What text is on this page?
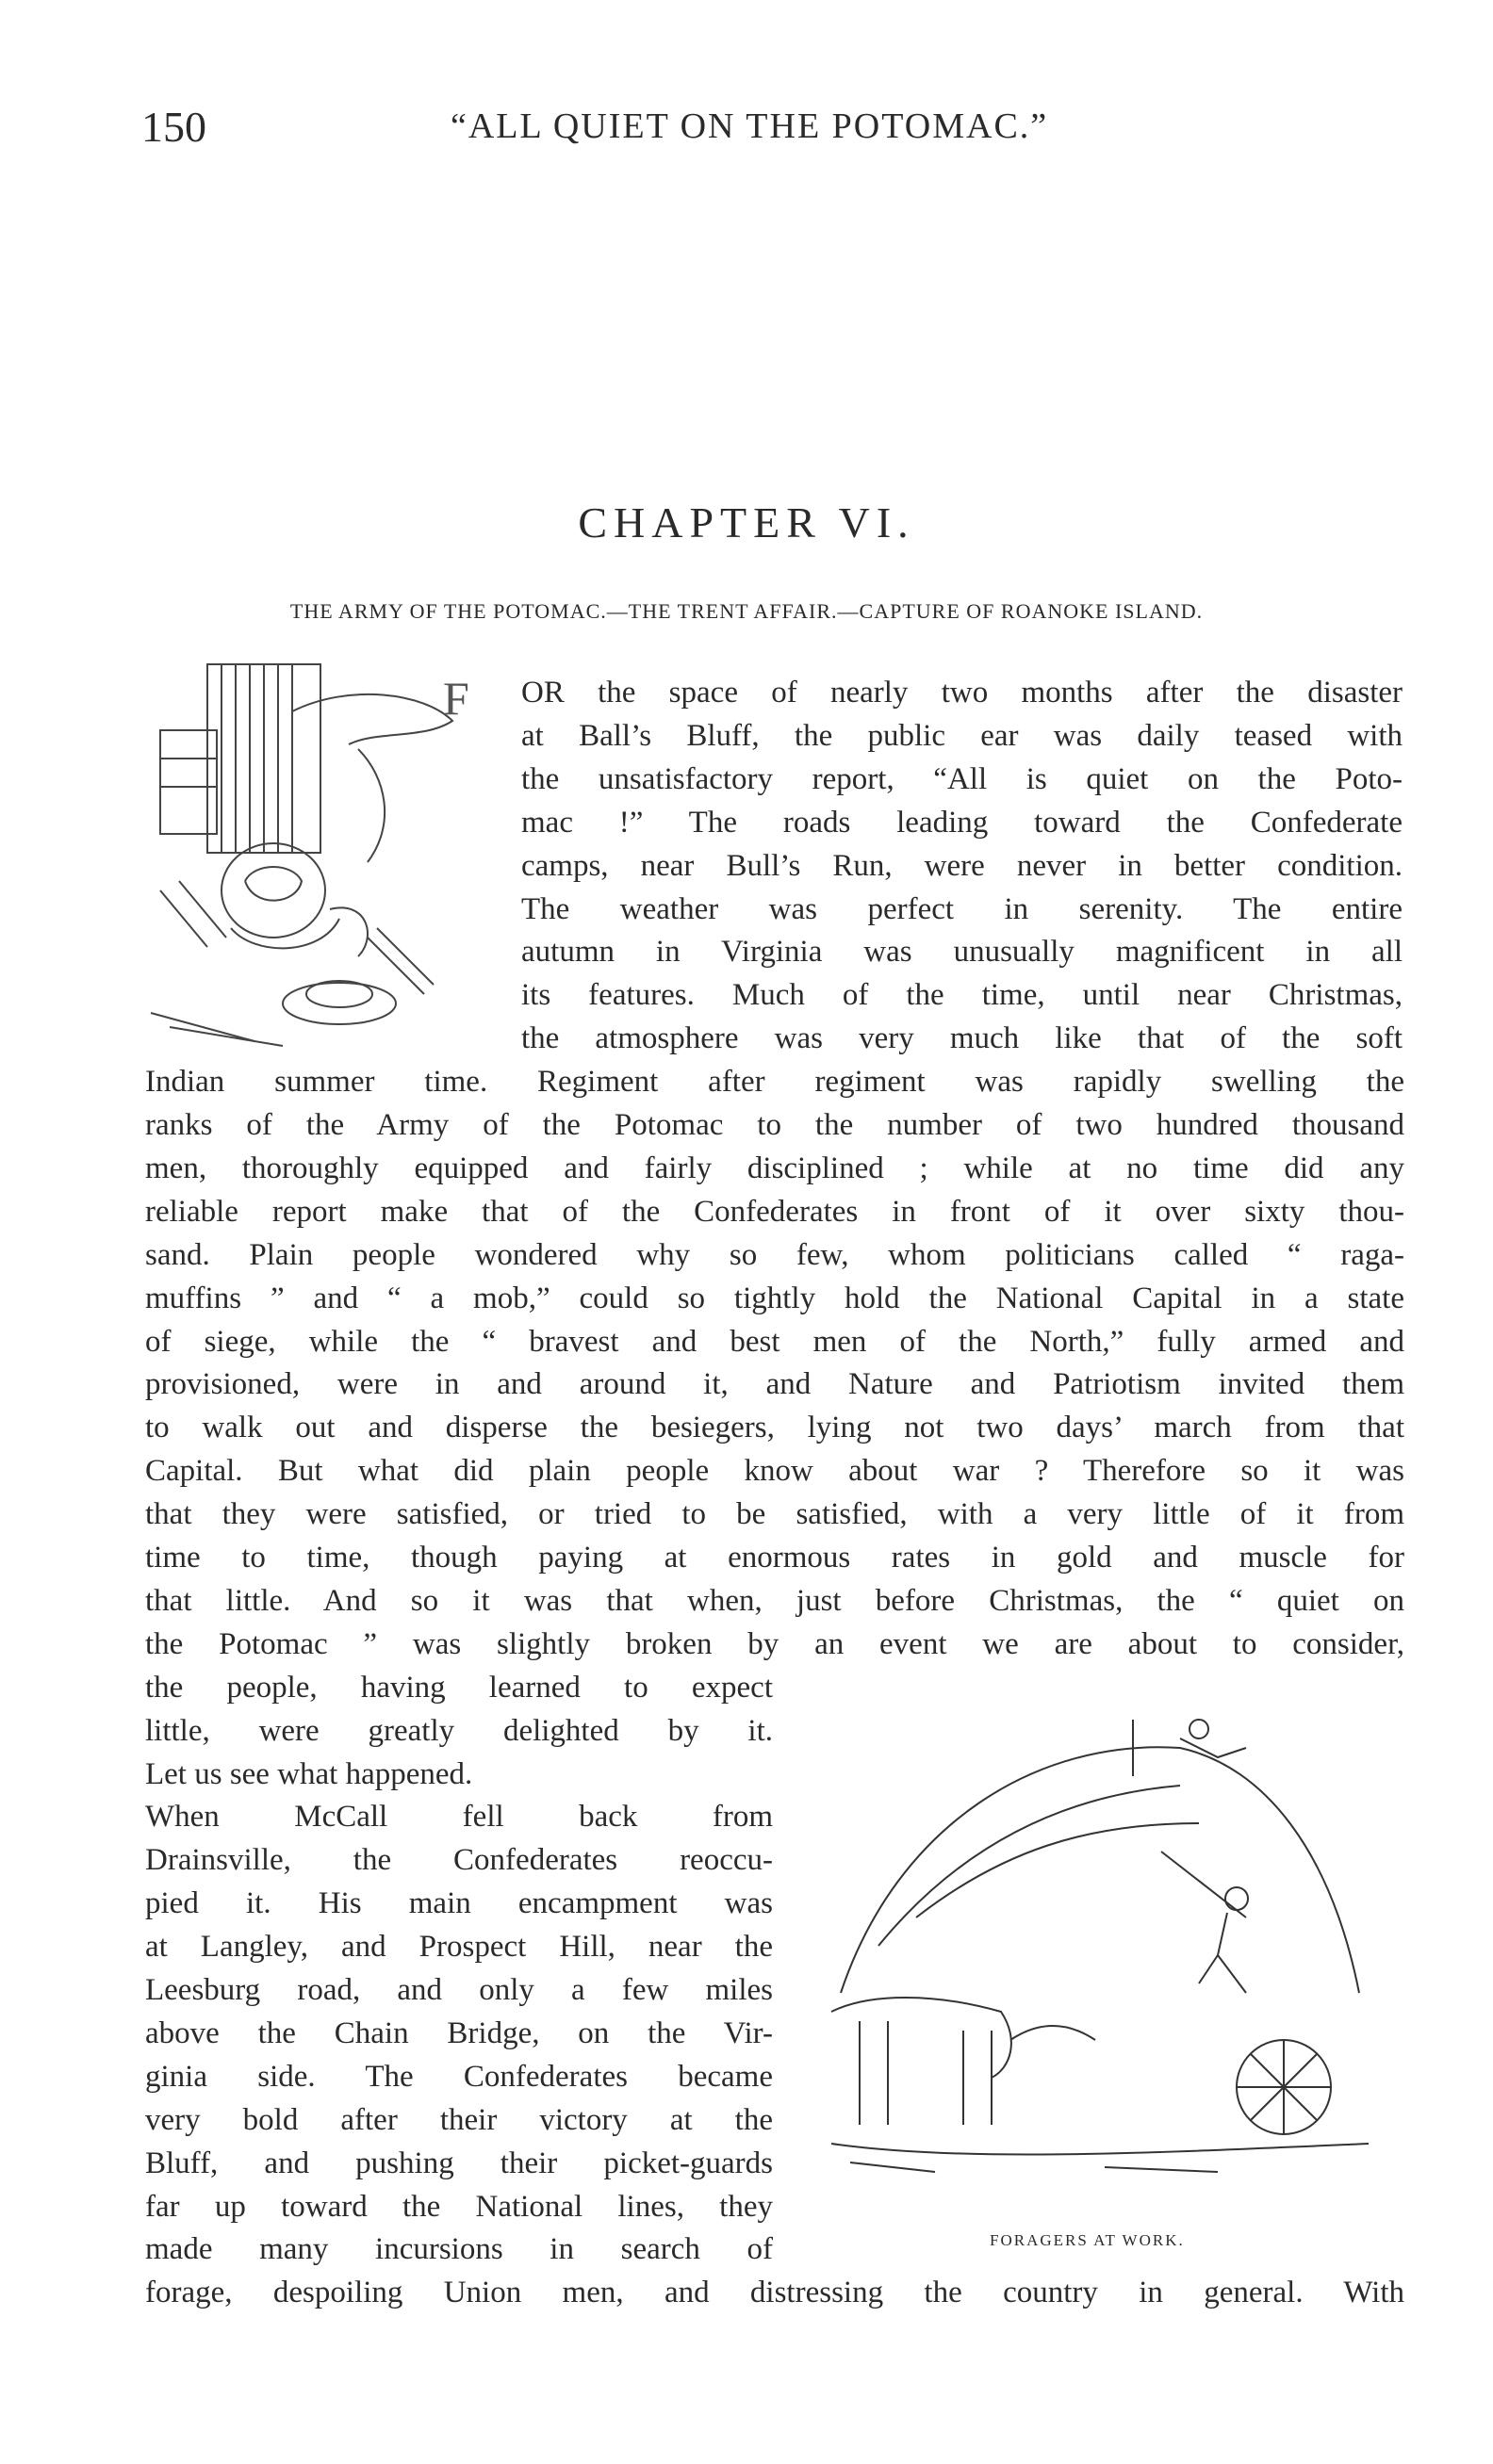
150	“ALL QUIET ON THE POTOMAC.”
CHAPTER VI.
THE ARMY OF THE POTOMAC.—THE TRENT AFFAIR.—CAPTURE OF ROANOKE ISLAND.
F OR the space of nearly two months after the disaster
at Ball’s Bluff, the public ear was daily teased with
the unsatisfactory report, “All is quiet on the Poto-
mac !” The roads leading toward the Confederate
camps, near Bull’s Run, were never in better condition.
The weather was perfect in serenity. The entire
autumn in Virginia was unusually magnificent in all
its features. Much of the time, until near Christmas,
the atmosphere was very much like that of the soft
Indian summer time. Regiment after regiment was rapidly swelling the
ranks of the Army of the Potomac to the number of two hundred thousand
men, thoroughly equipped and fairly disciplined ; while at no time did any
reliable report make that of the Confederates in front of it over sixty thou-
sand. Plain people wondered why so few, whom politicians called “ raga-
muffins ” and “ a mob,” could so tightly hold the National Capital in a state
of siege, while the “ bravest and best men of the North,” fully armed and
provisioned, were in and around it, and Nature and Patriotism invited them
to walk out and disperse the besiegers, lying not two days’ march from that
Capital. But what did plain people know about war ? Therefore so it was
that they were satisfied, or tried to be satisfied, with a very little of it from
time to time, though paying at enormous rates in gold and muscle for
that little. And so it was that when, just before Christmas, the “ quiet on
the Potomac ” was slightly broken by an event we are about to consider,
the people, having learned to expect
little, were greatly delighted by it.
Let us see what happened.
When McCall fell back from
Drainsville, the Confederates reoccu-
pied it. His main encampment was
at Langley, and Prospect Hill, near the
Leesburg road, and only a few miles
above the Chain Bridge, on the Vir-
ginia side. The Confederates became
very bold after their victory at the
Bluff, and pushing their picket-guards
far up toward the National lines, they
made many incursions in search of
forage, despoiling Union men, and distressing the country in general. With
FORAGERS AT WORK.
